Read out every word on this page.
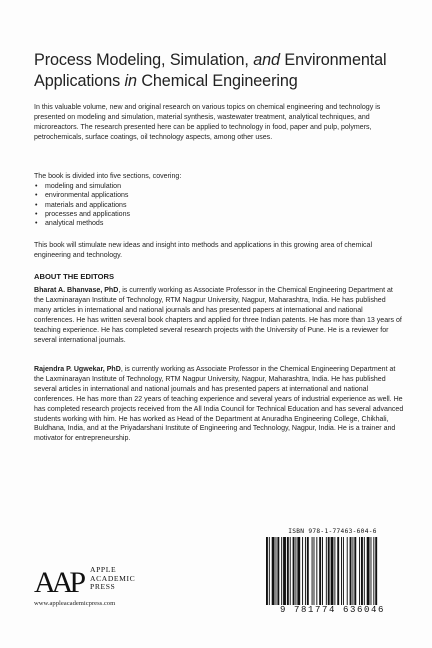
Process Modeling, Simulation, and Environmental
Applications in Chemical Engineering
In this valuable volume, new and original research on various topics on chemical engineering and technology is presented on modeling and simulation, material synthesis, wastewater treatment, analytical techniques, and microreactors. The research presented here can be applied to technology in food, paper and pulp, polymers, petrochemicals, surface coatings, oil technology aspects, among other uses.
The book is divided into five sections, covering:
• modeling and simulation
• environmental applications
• materials and applications
• processes and applications
• analytical methods
This book will stimulate new ideas and insight into methods and applications in this growing area of chemical engineering and technology.
ABOUT THE EDITORS
Bharat A. Bhanvase, PhD, is currently working as Associate Professor in the Chemical Engineering Department at the Laxminarayan Institute of Technology, RTM Nagpur University, Nagpur, Maharashtra, India. He has published many articles in international and national journals and has presented papers at international and national conferences. He has written several book chapters and applied for three Indian patents. He has more than 13 years of teaching experience. He has completed several research projects with the University of Pune. He is a reviewer for several international journals.
Rajendra P. Ugwekar, PhD, is currently working as Associate Professor in the Chemical Engineering Department at the Laxminarayan Institute of Technology, RTM Nagpur University, Nagpur, Maharashtra, India. He has published several articles in international and national journals and has presented papers at international and national conferences. He has more than 22 years of teaching experience and several years of industrial experience as well. He has completed research projects received from the All India Council for Technical Education and has several advanced students working with him. He has worked as Head of the Department at Anuradha Engineering College, Chikhali, Buldhana, India, and at the Priyadarshani Institute of Engineering and Technology, Nagpur, India. He is a trainer and motivator for entrepreneurship.
AAP	APPLE
ACADEMIC
PRESS
www.appleacademicpress.com
ISBN 978-1-77463-604-6
9 781774 636046
